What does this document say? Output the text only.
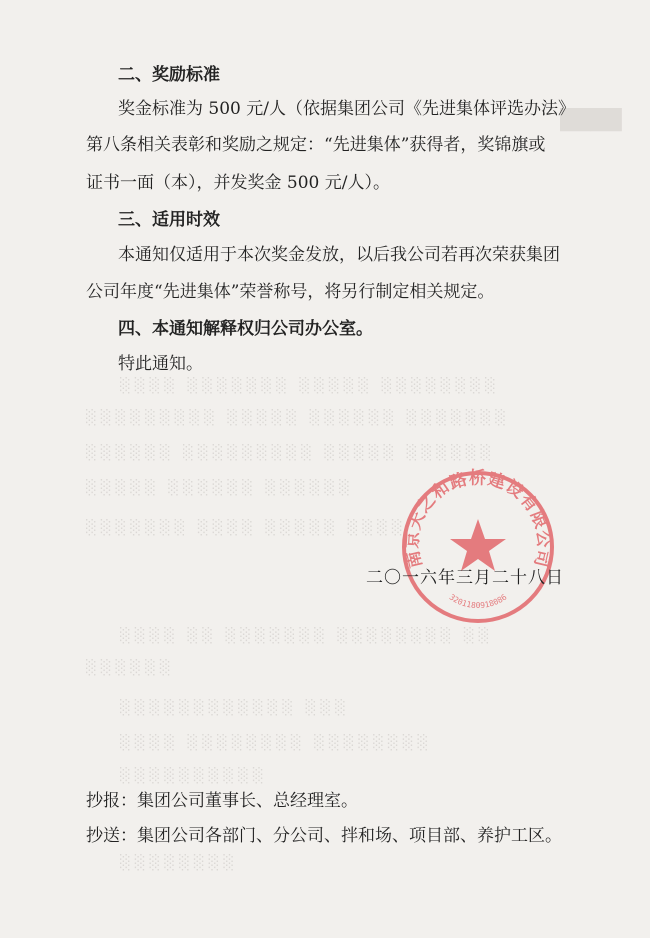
▀▀
░░░░ ░░░░░░░ ░░░░░ ░░░░░░░░
░░░░░░░░░ ░░░░░ ░░░░░░ ░░░░░░░
░░░░░░ ░░░░░░░░░ ░░░░░ ░░░░░░
░░░░░ ░░░░░░ ░░░░░░
░░░░░░░ ░░░░ ░░░░░ ░░░░
░░░░ ░░ ░░░░░░░ ░░░░░░░░ ░░
░░░░░░
░░░░░░░░░░░░ ░░░
░░░░ ░░░░░░░░ ░░░░░░░░
░░░░░░░░░░
░░░░░░░░
二、奖励标准
奖金标准为 500 元/人（依据集团公司《先进集体评选办法》
第八条相关表彰和奖励之规定：“先进集体”获得者，奖锦旗或
证书一面（本），并发奖金 500 元/人）。
三、适用时效
本通知仅适用于本次奖金发放，以后我公司若再次荣获集团
公司年度“先进集体”荣誉称号，将另行制定相关规定。
四、本通知解释权归公司办公室。
特此通知。
南京天之和路桥建设有限公司
3201180918086
二〇一六年三月二十八日
抄报：集团公司董事长、总经理室。
抄送：集团公司各部门、分公司、拌和场、项目部、养护工区。
